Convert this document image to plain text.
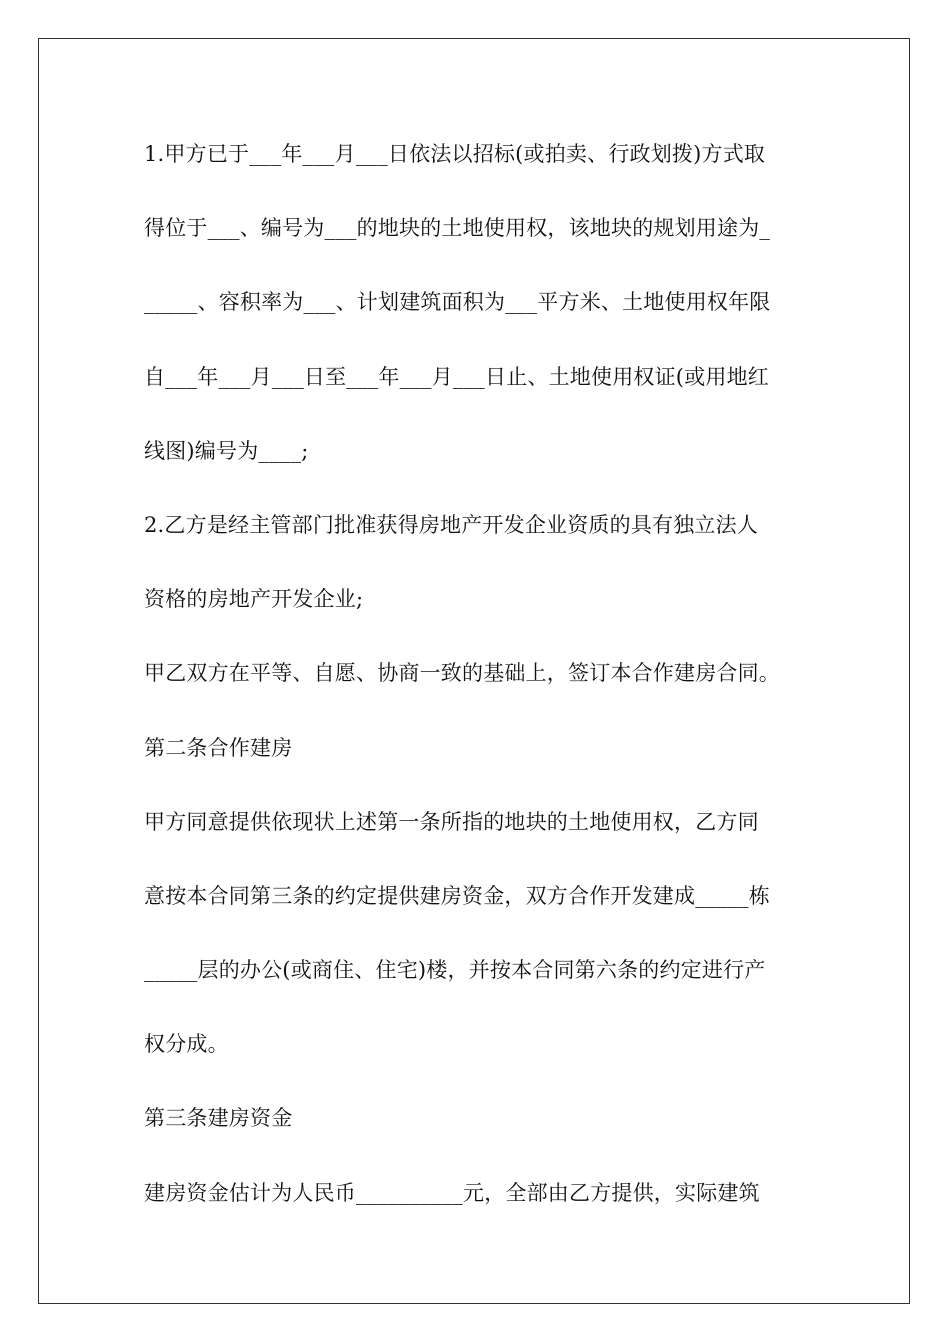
1.甲方已于___年___月___日依法以招标(或拍卖、行政划拨)方式取
得位于___、编号为___的地块的土地使用权，该地块的规划用途为_
_____、容积率为___、计划建筑面积为___平方米、土地使用权年限
自___年___月___日至___年___月___日止、土地使用权证(或用地红
线图)编号为____;
2.乙方是经主管部门批准获得房地产开发企业资质的具有独立法人
资格的房地产开发企业;
甲乙双方在平等、自愿、协商一致的基础上，签订本合作建房合同。
第二条合作建房
甲方同意提供依现状上述第一条所指的地块的土地使用权，乙方同
意按本合同第三条的约定提供建房资金，双方合作开发建成_____栋
_____层的办公(或商住、住宅)楼，并按本合同第六条的约定进行产
权分成。
第三条建房资金
建房资金估计为人民币__________元，全部由乙方提供，实际建筑
